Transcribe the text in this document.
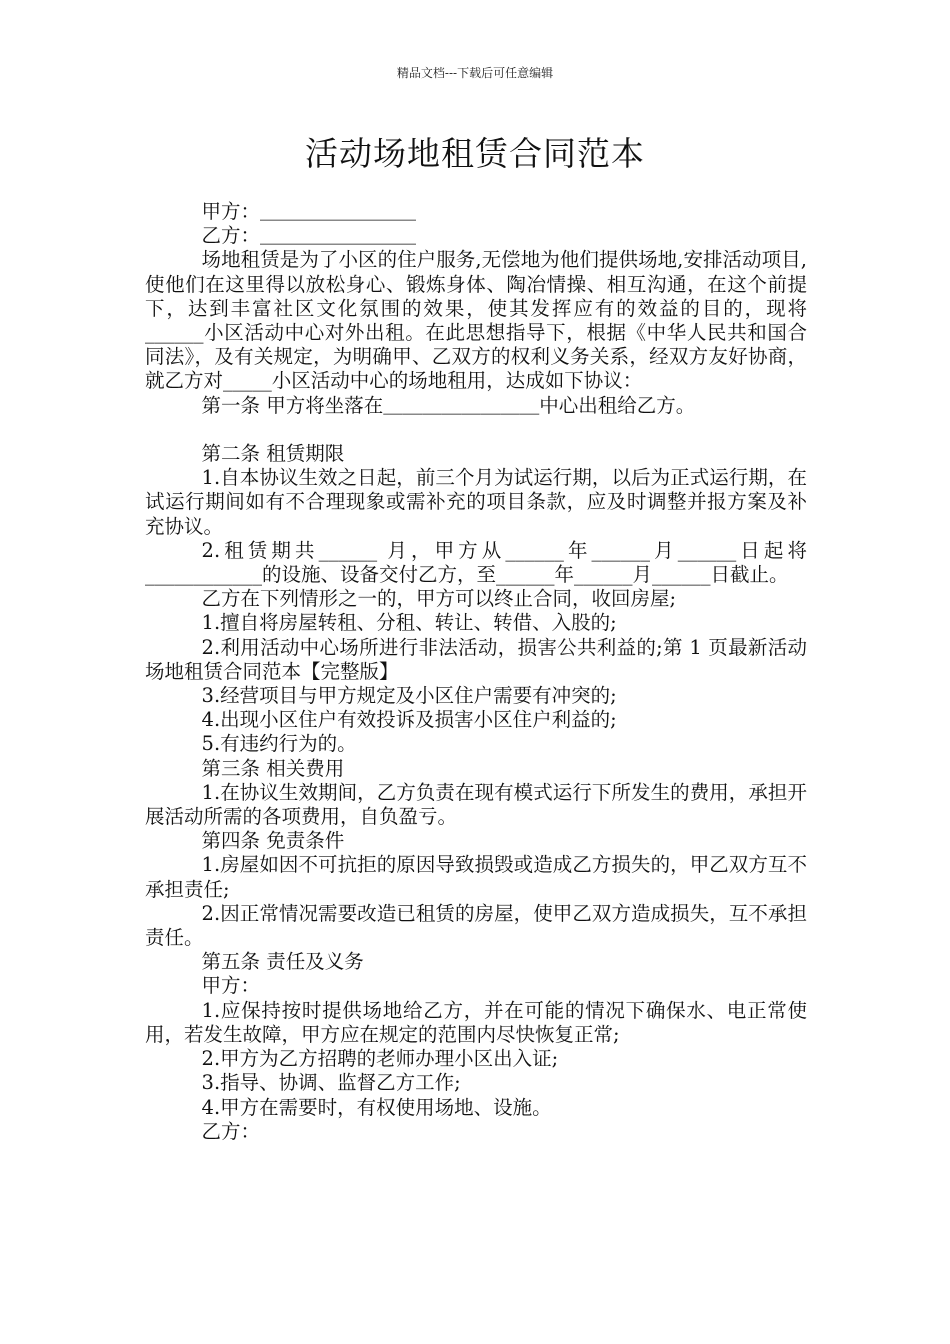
精品文档---下载后可任意编辑
活动场地租赁合同范本

甲方：＿＿＿＿＿＿＿＿

乙方：＿＿＿＿＿＿＿＿

场地租赁是为了小区的住户服务,无偿地为他们提供场地,安排活动项目,使他们在这里得以放松身心、锻炼身体、陶冶情操、相互沟通，在这个前提下，达到丰富社区文化氛围的效果，使其发挥应有的效益的目的，现将______小区活动中心对外出租。在此思想指导下，根据《中华人民共和国合同法》，及有关规定，为明确甲、乙双方的权利义务关系，经双方友好协商，就乙方对_____小区活动中心的场地租用，达成如下协议：

第一条 甲方将坐落在＿＿＿＿＿＿＿＿中心出租给乙方。

第二条 租赁期限

1.自本协议生效之日起，前三个月为试运行期，以后为正式运行期，在试运行期间如有不合理现象或需补充的项目条款，应及时调整并报方案及补充协议。

2.租赁期共______ 月，甲方从______年______月______日起将____________的设施、设备交付乙方，至______年______月______日截止。

乙方在下列情形之一的，甲方可以终止合同，收回房屋;

1.擅自将房屋转租、分租、转让、转借、入股的;

2.利用活动中心场所进行非法活动，损害公共利益的;第 1 页最新活动场地租赁合同范本【完整版】

3.经营项目与甲方规定及小区住户需要有冲突的;

4.出现小区住户有效投诉及损害小区住户利益的;

5.有违约行为的。

第三条 相关费用

1.在协议生效期间，乙方负责在现有模式运行下所发生的费用，承担开展活动所需的各项费用，自负盈亏。

第四条 免责条件

1.房屋如因不可抗拒的原因导致损毁或造成乙方损失的，甲乙双方互不承担责任;

2.因正常情况需要改造已租赁的房屋，使甲乙双方造成损失，互不承担责任。

第五条 责任及义务

甲方：

1.应保持按时提供场地给乙方，并在可能的情况下确保水、电正常使用，若发生故障，甲方应在规定的范围内尽快恢复正常;

2.甲方为乙方招聘的老师办理小区出入证;

3.指导、协调、监督乙方工作;

4.甲方在需要时，有权使用场地、设施。

乙方：
